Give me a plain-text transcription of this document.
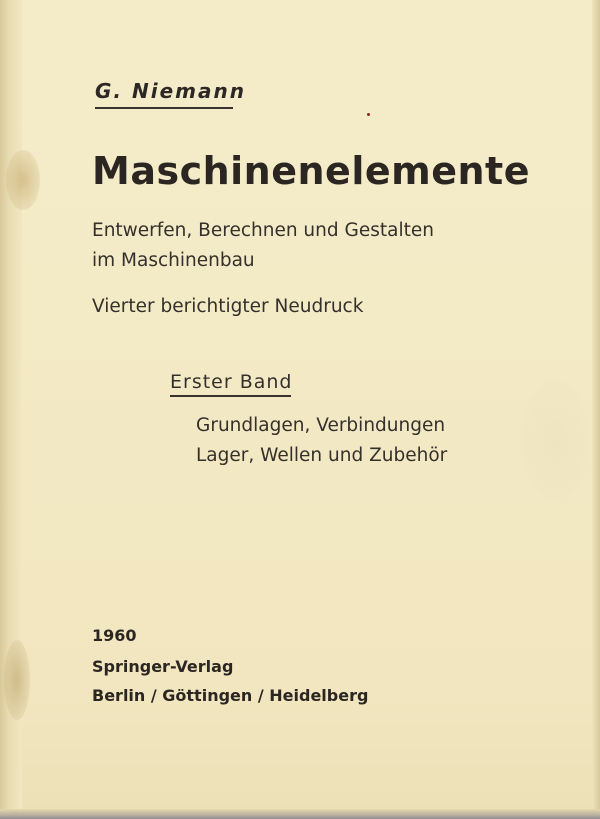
G. Niemann
Maschinenelemente
Entwerfen, Berechnen und Gestalten
im Maschinenbau
Vierter berichtigter Neudruck
Erster Band
Grundlagen, Verbindungen
Lager, Wellen und Zubehör
1960
Springer-Verlag
Berlin / Göttingen / Heidelberg
